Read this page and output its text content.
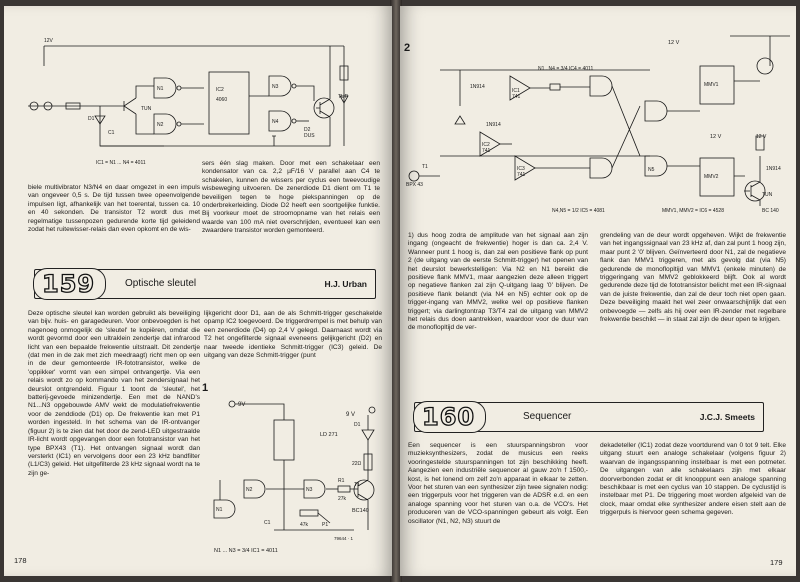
12V
IC2
4060	TUP
TUN
N1
N2
N3
N4
D2
DUS
D1
C1
IC1 = N1 ... N4 = 4011

biele multivibrator N3/N4 en daar omgezet in een impuls van ongeveer 0,5 s. De tijd tussen twee opeenvolgende impulsen ligt, afhankelijk van het toerental, tussen ca. 10 en 40 sekonden. De transistor T2 wordt dus met regelmatige tussenpozen gedurende korte tijd geleidend zodat het ruitewisser-relais dan even opkomt en de wis-

sers één slag maken. Door met een schakelaar een kondensator van ca. 2,2 µF/16 V parallel aan C4 te schakelen, kunnen de wissers per cyclus een tweevoudige wisbeweging uitvoeren. De zenerdiode D1 dient om T1 te beveiligen tegen te hoge piekspanningen op de onderbrekerleiding. Diode D2 heeft een soortgelijke funktie. Bij voorkeur moet de stroomopname van het relais een waarde van 100 mA niet overschrijden, eventueel kan een zwaardere transistor worden gemonteerd.

159	Optische sleutel	H.J. Urban

Deze optische sleutel kan worden gebruikt als beveiliging van bijv. huis- en garagedeuren. Voor onbevoegden is het nagenoeg onmogelijk de 'sleutel' te kopiëren, omdat die wordt gevormd door een ultraklein zendertje dat infrarood licht van een bepaalde frekwentie uitstraalt. Dit zendertje (dat men in de zak met zich meedraagt) richt men op een in de deur gemonteerde IR-fototransistor, welke de 'oppikker' vormt van een simpel ontvangertje. Via een relais wordt zo op kommando van het zendersignaal het deurslot ontgrendeld. Figuur 1 toont de 'sleutel', het batterij-gevoede minizendertje. Een met de NAND's N1...N3 opgebouwde AMV wekt de modulatiefrekwentie voor de zenddiode (D1) op. De frekwentie kan met P1 worden ingesteld. In het schema van de IR-ontvanger (figuur 2) is te zien dat het door de zend-LED uitgestraalde IR-licht wordt opgevangen door een fototransistor van het type BPX43 (T1). Het ontvangen signaal wordt dan versterkt (IC1) en vervolgens door een 23 kHz bandfilter (L1/C3) geleid. Het uitgefilterde 23 kHz signaal wordt na te zijn ge-

lijkgericht door D1, aan de als Schmitt-trigger geschakelde opamp IC2 toegevoerd. De triggerdrempel is met behulp van een zenerdiode (D4) op 2,4 V gelegd. Daarnaast wordt via T2 het ongefilterde signaal eveneens gelijkgericht (D2) en naar tweede identieke Schmitt-trigger (IC3) geleid. De uitgang van deze Schmitt-trigger (punt

1
9V
9 V
LD 271
D1
R1
27k
22Ω
47k	P1
C1
T1
BC140
N1
N2	N3
79644 · 1
N1 ... N3 = 3/4 IC1 = 4011
178
2	12 V
12 V	12 V
N1...N4 = 3/4 IC4 = 4011
BPX 43
T1
IC1
741
IC2
741
IC3
741
MMV1
MMV2
TUN
BC 140
1N914
1N914
1N914
N5
N4,N5 = 1/2 IC5 = 4081	MMV1, MMV2 = IC6 = 4528

1) dus hoog zodra de amplitude van het signaal aan zijn ingang (ongeacht de frekwentie) hoger is dan ca. 2,4 V. Wanneer punt 1 hoog is, dan zal een positieve flank op punt 2 (de uitgang van de eerste Schmitt-trigger) het openen van het deurslot bewerkstelligen: Via N2 en N1 bereikt die positieve flank MMV1, maar aangezien deze alleen triggert op negatieve flanken zal zijn Q-uitgang laag '0' blijven. De positieve flank belandt (via N4 en N5) echter ook op de trigger-ingang van MMV2, welke wel op positieve flanken triggert; via darlingtontrap T3/T4 zal de uitgang van MMV2 het relais dus doen aantrekken, waardoor voor de duur van de monoflopltijd de ver-

grendeling van de deur wordt opgeheven. Wijkt de frekwentie van het ingangssignaal van 23 kHz af, dan zal punt 1 hoog zijn, maar punt 2 '0' blijven. Geïnverteerd door N1, zal de negatieve flank dan MMV1 triggeren, met als gevolg dat (via N5) gedurende de monoflopltijd van MMV1 (enkele minuten) de triggeringang van MMV2 geblokkeerd blijft. Ook al wordt gedurende deze tijd de fototransistor belicht met een IR-signaal van de juiste frekwentie, dan zal de deur toch niet open gaan. Deze beveiliging maakt het wel zeer onwaarschijnlijk dat een onbevoegde — zelfs als hij over een IR-zender met regelbare frekwentie beschikt — in staat zal zijn de deur open te krijgen.

160	Sequencer	J.C.J. Smeets

Een sequencer is een stuurspanningsbron voor muzieksynthesizers, zodat de musicus een reeks vooringestelde stuurspanningen tot zijn beschikking heeft. Aangezien een industriële sequencer al gauw zo'n f 1500,- kost, is het lonend om zelf zo'n apparaat in elkaar te zetten. Voor het sturen van een synthesizer zijn twee signalen nodig: een triggerpuls voor het triggeren van de ADSR e.d. en een analoge spanning voor het sturen van o.a. de VCO's. Het produceren van de VCO-spanningen gebeurt als volgt. Een oscillator (N1, N2, N3) stuurt de

dekadeteller (IC1) zodat deze voortdurend van 0 tot 9 telt. Elke uitgang stuurt een analoge schakelaar (volgens figuur 2) waarvan de ingangsspanning instelbaar is met een potmeter. De uitgangen van alle schakelaars zijn met elkaar doorverbonden zodat er dit knooppunt een analoge spanning beschikbaar is met een cyclus van 10 stappen. De cyclustijd is instelbaar met P1. De triggering moet worden afgeleid van de clock, maar omdat elke synthesizer andere eisen stelt aan de triggerpuls is hiervoor geen schema gegeven.

179
